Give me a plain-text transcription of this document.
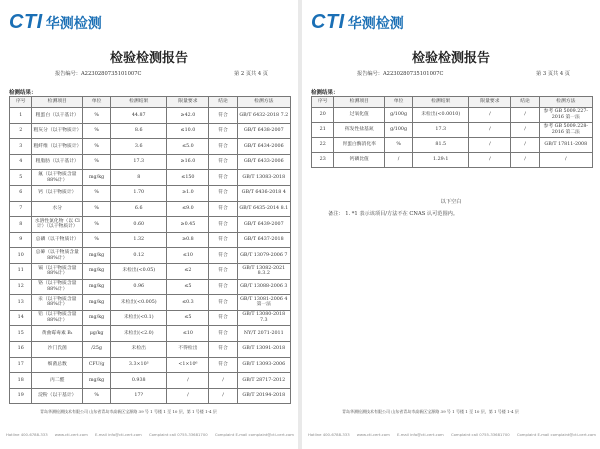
CTI 华测检测
检验检测报告
报告编号：A2230280735101007C	第 2 页共 4 页
检测结果：
序号	检测项目	单位	检测结果	限量要求	结论	检测方法
1	粗蛋白（以干基计）	%	44.87	≥42.0	符合	GB/T 6432-2018 7.2
2	粗灰分（以干物质计）	%	8.6	≤10.0	符合	GB/T 6438-2007
3	粗纤维（以干物质计）	%	3.6	≤5.0	符合	GB/T 6434-2006
4	粗脂肪（以干基计）	%	17.3	≥16.0	符合	GB/T 6433-2006
5	氟（以干物质含量88%计）	mg/kg	8	≤150	符合	GB/T 13083-2018
6	钙（以干物质计）	%	1.70	≥1.0	符合	GB/T 6436-2018 4
7	水分	%	6.6	≤9.0	符合	GB/T 6435-2014 8.1
8	水溶性氯化物（以 Cl 计）（以干物质计）	%	0.60	≥0.45	符合	GB/T 6439-2007
9	总磷（以干物质计）	%	1.32	≥0.8	符合	GB/T 6437-2018
10	总砷（以干物质含量88%计）	mg/kg	0.12	≤10	符合	GB/T 13079-2006 7
11	镉（以干物质含量88%计）	mg/kg	未检出(<0.05)	≤2	符合	GB/T 13082-2021 8.3.2
12	铬（以干物质含量88%计）	mg/kg	0.96	≤5	符合	GB/T 13088-2006 3
13	汞（以干物质含量88%计）	mg/kg	未检出(<0.005)	≤0.3	符合	GB/T 13081-2006 4 第一法
14	铅（以干物质含量88%计）	mg/kg	未检出(<0.1)	≤5	符合	GB/T 13080-2018 7.3
15	黄曲霉毒素 B₁	μg/kg	未检出(<2.0)	≤10	符合	NY/T 2071-2011
16	沙门氏菌	/25g	未检出	不得检出	符合	GB/T 13091-2018
17	细菌总数	CFU/g	3.3×10³	<1×10⁶	符合	GB/T 13093-2006
18	丙二醛	mg/kg	0.938	/	/	GB/T 28717-2012
19	淀粉（以干基计）	%	17?	/	/	GB/T 20194-2018
青岛华测检测技术有限公司 山东省青岛市高新区宝源路 39 号 1 号楼 1 至 10 层，第 1 号楼 1-4 层
Hotline 400-6788-333 www.cti-cert.com E-mail info@cti-cert.com Complaint call 0755-33681700 Complaint E-mail complaint@cti-cert.com
CTI 华测检测
检验检测报告
报告编号：A2230280735101007C	第 3 页共 4 页
检测结果：
序号	检测项目	单位	检测结果	限量要求	结论	检测方法
20	过氧化值	g/100g	未检出(<0.0010)	/	/	参考 GB 5009.227-2016 第一法
21	挥发性盐基氮	g/100g	17.3	/	/	参考 GB 5009.228-2016 第二法
22	胃蛋白酶消化率	%	81.5	/	/	GB/T 17811-2008
23	钙磷比值	/	1.29:1	/	/	/
以下空白
备注： 1. *1 表示该项目/方法不在 CNAS 认可范围内。
青岛华测检测技术有限公司 山东省青岛市高新区宝源路 39 号 1 号楼 1 至 10 层，第 1 号楼 1-4 层
Hotline 400-6788-333 www.cti-cert.com E-mail info@cti-cert.com Complaint call 0755-33681700 Complaint E-mail complaint@cti-cert.com
